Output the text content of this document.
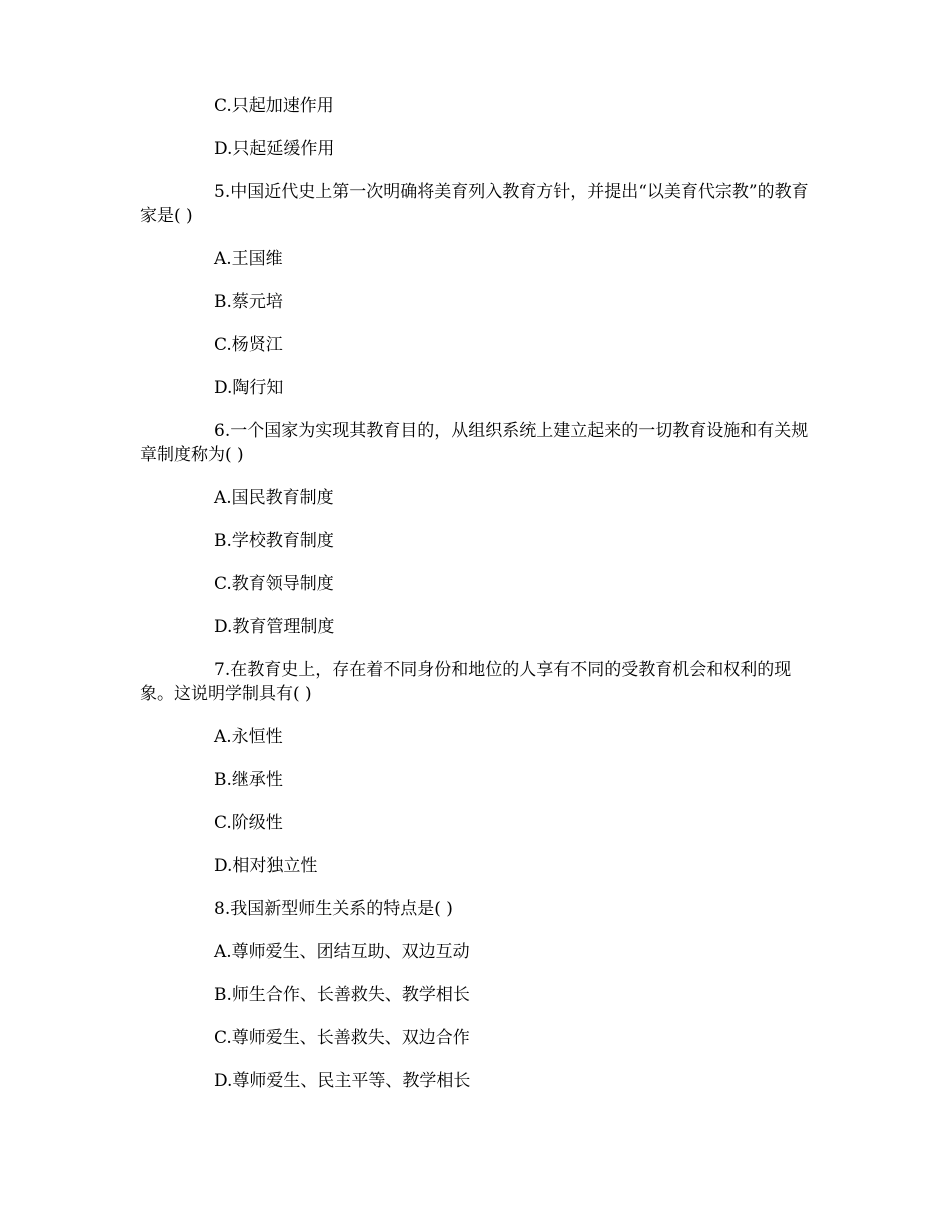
C.只起加速作用

D.只起延缓作用

5.中国近代史上第一次明确将美育列入教育方针，并提出“以美育代宗教”的教育家是( )

A.王国维

B.蔡元培

C.杨贤江

D.陶行知

6.一个国家为实现其教育目的，从组织系统上建立起来的一切教育设施和有关规章制度称为( )

A.国民教育制度

B.学校教育制度

C.教育领导制度

D.教育管理制度

7.在教育史上，存在着不同身份和地位的人享有不同的受教育机会和权利的现象。这说明学制具有( )

A.永恒性

B.继承性

C.阶级性

D.相对独立性

8.我国新型师生关系的特点是( )

A.尊师爱生、团结互助、双边互动

B.师生合作、长善救失、教学相长

C.尊师爱生、长善救失、双边合作

D.尊师爱生、民主平等、教学相长
